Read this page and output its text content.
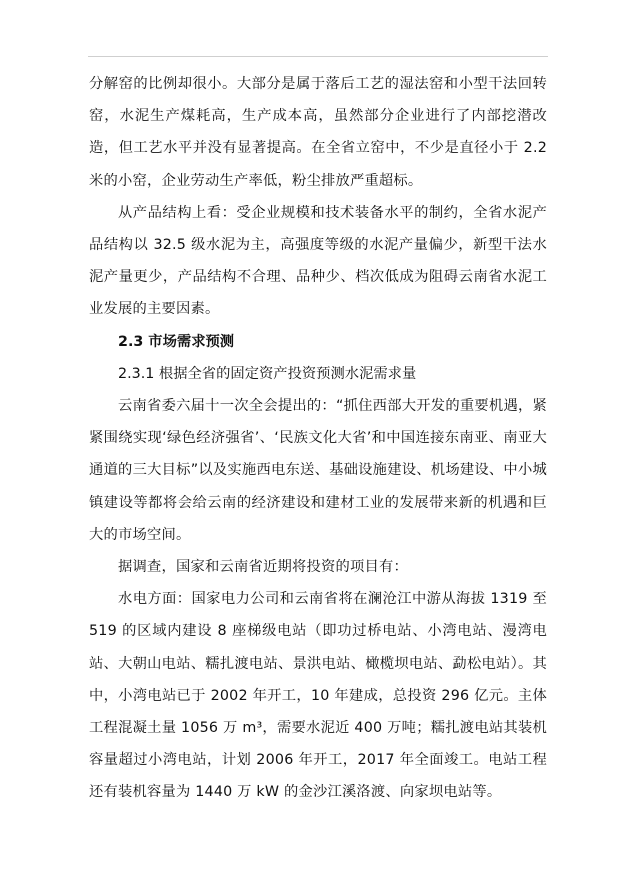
分解窑的比例却很小。大部分是属于落后工艺的湿法窑和小型干法回转窑，水泥生产煤耗高，生产成本高，虽然部分企业进行了内部挖潜改造，但工艺水平并没有显著提高。在全省立窑中，不少是直径小于 2.2 米的小窑，企业劳动生产率低，粉尘排放严重超标。

从产品结构上看：受企业规模和技术装备水平的制约，全省水泥产品结构以 32.5 级水泥为主，高强度等级的水泥产量偏少，新型干法水泥产量更少，产品结构不合理、品种少、档次低成为阻碍云南省水泥工业发展的主要因素。

2.3 市场需求预测

2.3.1 根据全省的固定资产投资预测水泥需求量

云南省委六届十一次全会提出的：“抓住西部大开发的重要机遇，紧紧围绕实现‘绿色经济强省’、‘民族文化大省’和中国连接东南亚、南亚大通道的三大目标”以及实施西电东送、基础设施建设、机场建设、中小城镇建设等都将会给云南的经济建设和建材工业的发展带来新的机遇和巨大的市场空间。

据调查，国家和云南省近期将投资的项目有：

水电方面：国家电力公司和云南省将在澜沧江中游从海拔 1319 至 519 的区域内建设 8 座梯级电站（即功过桥电站、小湾电站、漫湾电站、大朝山电站、糯扎渡电站、景洪电站、橄榄坝电站、勐松电站）。其中，小湾电站已于 2002 年开工，10 年建成，总投资 296 亿元。主体工程混凝土量 1056 万 m³，需要水泥近 400 万吨；糯扎渡电站其装机容量超过小湾电站，计划 2006 年开工，2017 年全面竣工。电站工程还有装机容量为 1440 万 kW 的金沙江溪洛渡、向家坝电站等。
